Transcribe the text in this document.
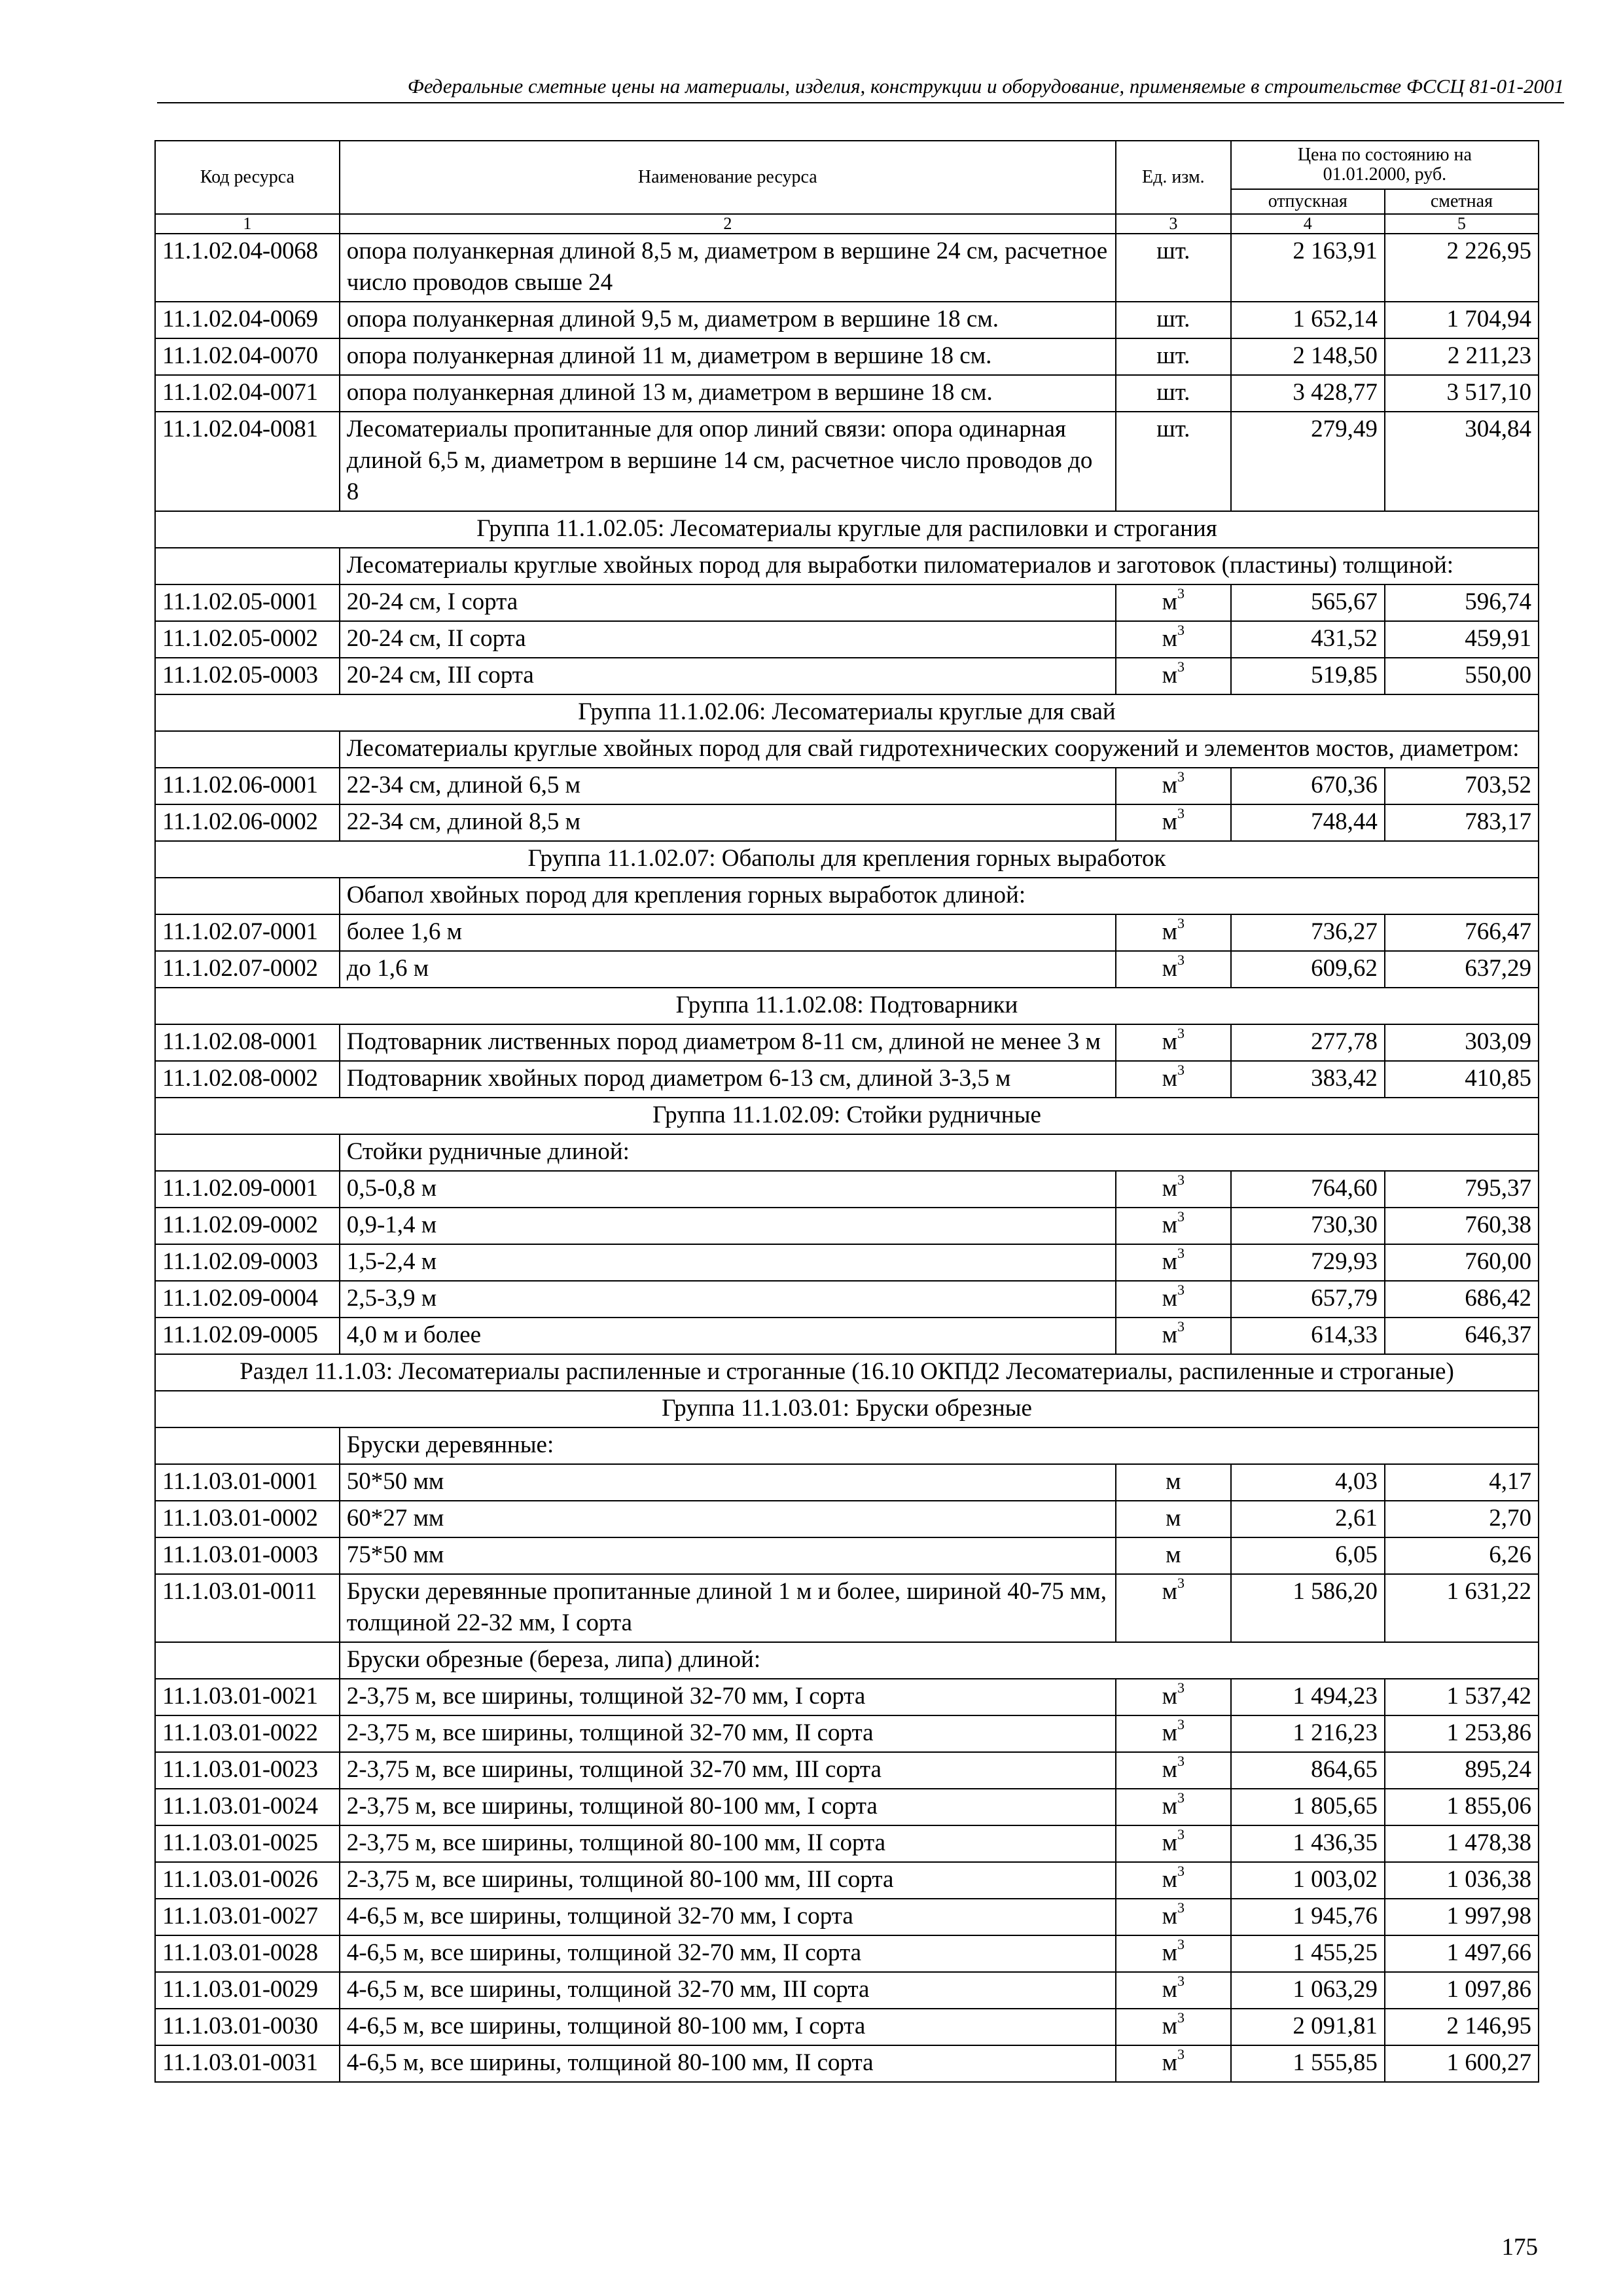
Федеральные сметные цены на материалы, изделия, конструкции и оборудование, применяемые в строительстве ФССЦ 81-01-2001
Код ресурса	Наименование ресурса	Ед. изм.	Цена по состоянию на 01.01.2000, руб.	
			отпускная	сметная
1	2	3	4	5
11.1.02.04-0068	опора полуанкерная длиной 8,5 м, диаметром в вершине 24 см, расчетное число проводов свыше 24	шт.	2 163,91	2 226,95
11.1.02.04-0069	опора полуанкерная длиной 9,5 м, диаметром в вершине 18 см.	шт.	1 652,14	1 704,94
11.1.02.04-0070	опора полуанкерная длиной 11 м, диаметром в вершине 18 см.	шт.	2 148,50	2 211,23
11.1.02.04-0071	опора полуанкерная длиной 13 м, диаметром в вершине 18 см.	шт.	3 428,77	3 517,10
11.1.02.04-0081	Лесоматериалы пропитанные для опор линий связи: опора одинарная длиной 6,5 м, диаметром в вершине 14 см, расчетное число проводов до 8	шт.	279,49	304,84
Группа 11.1.02.05: Лесоматериалы круглые для распиловки и строгания				
	Лесоматериалы круглые хвойных пород для выработки пиломатериалов и заготовок (пластины) толщиной:			
11.1.02.05-0001	20-24 см, I сорта	$м^3$	565,67	596,74
11.1.02.05-0002	20-24 см, II сорта	$м^3$	431,52	459,91
11.1.02.05-0003	20-24 см, III сорта	$м^3$	519,85	550,00
Группа 11.1.02.06: Лесоматериалы круглые для свай				
	Лесоматериалы круглые хвойных пород для свай гидротехнических сооружений и элементов мостов, диаметром:			
11.1.02.06-0001	22-34 см, длиной 6,5 м	$м^3$	670,36	703,52
11.1.02.06-0002	22-34 см, длиной 8,5 м	$м^3$	748,44	783,17
Группа 11.1.02.07: Обаполы для крепления горных выработок				
	Обапол хвойных пород для крепления горных выработок длиной:			
11.1.02.07-0001	более 1,6 м	$м^3$	736,27	766,47
11.1.02.07-0002	до 1,6 м	$м^3$	609,62	637,29
Группа 11.1.02.08: Подтоварники				
11.1.02.08-0001	Подтоварник лиственных пород диаметром 8-11 см, длиной не менее 3 м	$м^3$	277,78	303,09
11.1.02.08-0002	Подтоварник хвойных пород диаметром 6-13 см, длиной 3-3,5 м	$м^3$	383,42	410,85
Группа 11.1.02.09: Стойки рудничные				
	Стойки рудничные длиной:			
11.1.02.09-0001	0,5-0,8 м	$м^3$	764,60	795,37
11.1.02.09-0002	0,9-1,4 м	$м^3$	730,30	760,38
11.1.02.09-0003	1,5-2,4 м	$м^3$	729,93	760,00
11.1.02.09-0004	2,5-3,9 м	$м^3$	657,79	686,42
11.1.02.09-0005	4,0 м и более	$м^3$	614,33	646,37
Раздел 11.1.03: Лесоматериалы распиленные и строганные (16.10 ОКПД2 Лесоматериалы, распиленные и строганые)				
Группа 11.1.03.01: Бруски обрезные				
	Бруски деревянные:			
11.1.03.01-0001	50*50 мм	м	4,03	4,17
11.1.03.01-0002	60*27 мм	м	2,61	2,70
11.1.03.01-0003	75*50 мм	м	6,05	6,26
11.1.03.01-0011	Бруски деревянные пропитанные длиной 1 м и более, шириной 40-75 мм, толщиной 22-32 мм, I сорта	$м^3$	1 586,20	1 631,22
	Бруски обрезные (береза, липа) длиной:			
11.1.03.01-0021	2-3,75 м, все ширины, толщиной 32-70 мм, I сорта	$м^3$	1 494,23	1 537,42
11.1.03.01-0022	2-3,75 м, все ширины, толщиной 32-70 мм, II сорта	$м^3$	1 216,23	1 253,86
11.1.03.01-0023	2-3,75 м, все ширины, толщиной 32-70 мм, III сорта	$м^3$	864,65	895,24
11.1.03.01-0024	2-3,75 м, все ширины, толщиной 80-100 мм, I сорта	$м^3$	1 805,65	1 855,06
11.1.03.01-0025	2-3,75 м, все ширины, толщиной 80-100 мм, II сорта	$м^3$	1 436,35	1 478,38
11.1.03.01-0026	2-3,75 м, все ширины, толщиной 80-100 мм, III сорта	$м^3$	1 003,02	1 036,38
11.1.03.01-0027	4-6,5 м, все ширины, толщиной 32-70 мм, I сорта	$м^3$	1 945,76	1 997,98
11.1.03.01-0028	4-6,5 м, все ширины, толщиной 32-70 мм, II сорта	$м^3$	1 455,25	1 497,66
11.1.03.01-0029	4-6,5 м, все ширины, толщиной 32-70 мм, III сорта	$м^3$	1 063,29	1 097,86
11.1.03.01-0030	4-6,5 м, все ширины, толщиной 80-100 мм, I сорта	$м^3$	2 091,81	2 146,95
11.1.03.01-0031	4-6,5 м, все ширины, толщиной 80-100 мм, II сорта	$м^3$	1 555,85	1 600,27
175
